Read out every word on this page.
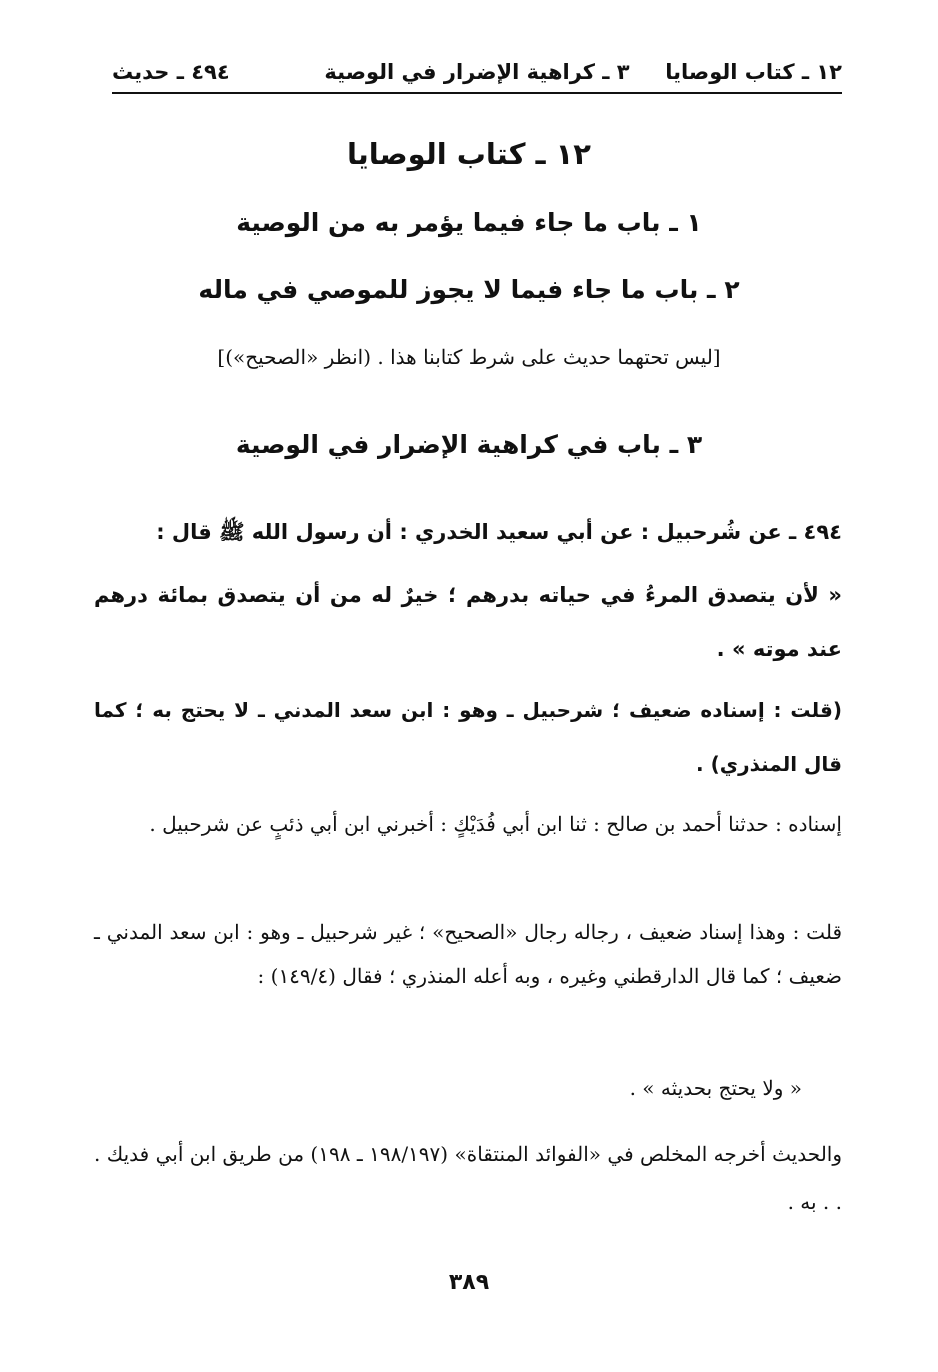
١٢ ـ كتاب الوصايا
٣ ـ كراهية الإضرار في الوصية
٤٩٤ ـ حديث
١٢ ـ كتاب الوصايا
١ ـ باب ما جاء فيما يؤمر به من الوصية
٢ ـ باب ما جاء فيما لا يجوز للموصي في ماله
[ليس تحتهما حديث على شرط كتابنا هذا . (انظر «الصحيح»)]
٣ ـ باب في كراهية الإضرار في الوصية
٤٩٤ ـ عن شُرحبيل : عن أبي سعيد الخدري : أن رسول الله ﷺ قال :
« لأن يتصدق المرءُ في حياته بدرهم ؛ خيرٌ له من أن يتصدق بمائة درهم عند موته » .
(قلت : إسناده ضعيف ؛ شرحبيل ـ وهو : ابن سعد المدني ـ لا يحتج به ؛ كما قال المنذري) .
إسناده : حدثنا أحمد بن صالح : ثنا ابن أبي فُدَيْكٍ : أخبرني ابن أبي ذئبٍ عن شرحبيل .
قلت : وهذا إسناد ضعيف ، رجاله رجال «الصحيح» ؛ غير شرحبيل ـ وهو : ابن سعد المدني ـ ضعيف ؛ كما قال الدارقطني وغيره ، وبه أعله المنذري ؛ فقال (١٤٩/٤) :
« ولا يحتج بحديثه » .
والحديث أخرجه المخلص في «الفوائد المنتقاة» (١٩٨/١٩٧ ـ ١٩٨) من طريق ابن أبي فديك . . . به .
٣٨٩
